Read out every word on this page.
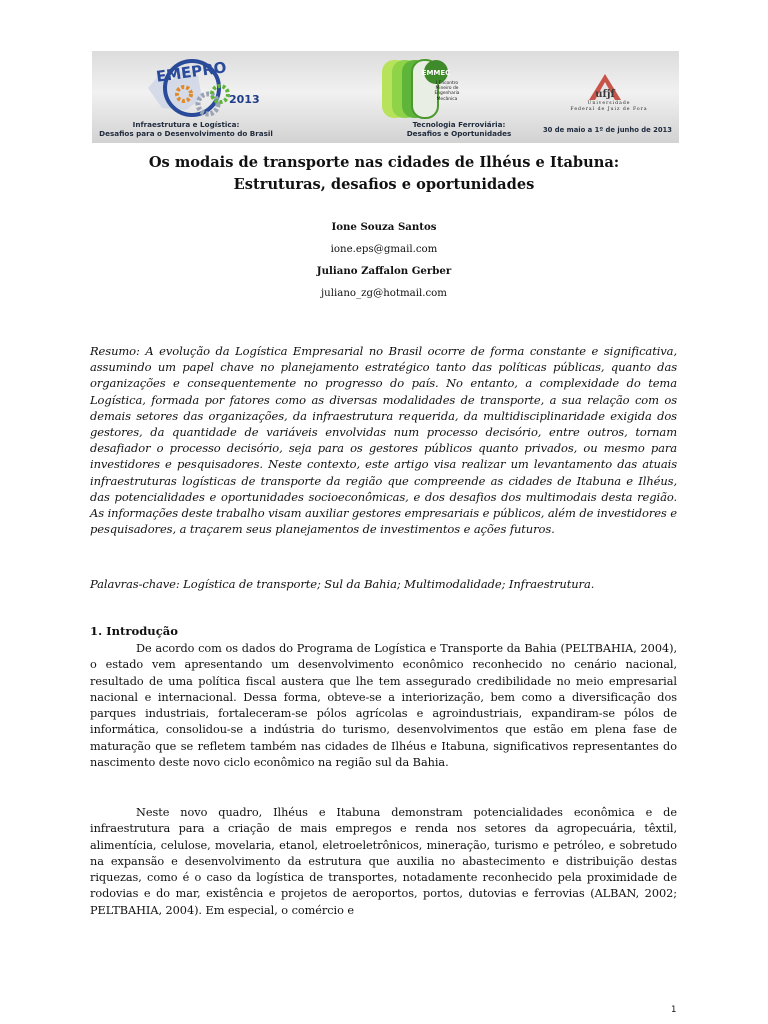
EMEPRO
2013
Infraestrutura e Logística:
Desafios para o Desenvolvimento do Brasil
EMMEC
I Encontro
Mineiro de
Engenharia
Mecânica
Tecnologia Ferroviária:
Desafios e Oportunidades
ufjf
Universidade
Federal de Juiz de Fora
30 de maio a 1º de junho de 2013
Os modais de transporte nas cidades de Ilhéus e Itabuna:
Estruturas, desafios e oportunidades
Ione Souza Santos
ione.eps@gmail.com
Juliano Zaffalon Gerber
juliano_zg@hotmail.com

Resumo: A evolução da Logística Empresarial no Brasil ocorre de forma constante e significativa, assumindo um papel chave no planejamento estratégico tanto das políticas públicas, quanto das organizações e consequentemente no progresso do país. No entanto, a complexidade do tema Logística, formada por fatores como as diversas modalidades de transporte, a sua relação com os demais setores das organizações, da infraestrutura requerida, da multidisciplinaridade exigida dos gestores, da quantidade de variáveis envolvidas num processo decisório, entre outros, tornam desafiador o processo decisório, seja para os gestores públicos quanto privados, ou mesmo para investidores e pesquisadores. Neste contexto, este artigo visa realizar um levantamento das atuais infraestruturas logísticas de transporte da região que compreende as cidades de Itabuna e Ilhéus, das potencialidades e oportunidades socioeconômicas, e dos desafios dos multimodais desta região. As informações deste trabalho visam auxiliar gestores empresariais e públicos, além de investidores e pesquisadores, a traçarem seus planejamentos de investimentos e ações futuros.

Palavras-chave: Logística de transporte; Sul da Bahia; Multimodalidade; Infraestrutura.

1. Introdução

De acordo com os dados do Programa de Logística e Transporte da Bahia (PELTBAHIA, 2004), o estado vem apresentando um desenvolvimento econômico reconhecido no cenário nacional, resultado de uma política fiscal austera que lhe tem assegurado credibilidade no meio empresarial nacional e internacional. Dessa forma, obteve-se a interiorização, bem como a diversificação dos parques industriais, fortaleceram-se pólos agrícolas e agroindustriais, expandiram-se pólos de informática, consolidou-se a indústria do turismo, desenvolvimentos que estão em plena fase de maturação que se refletem também nas cidades de Ilhéus e Itabuna, significativos representantes do nascimento deste novo ciclo econômico na região sul da Bahia.

Neste novo quadro, Ilhéus e Itabuna demonstram potencialidades econômica e de infraestrutura para a criação de mais empregos e renda nos setores da agropecuária, têxtil, alimentícia, celulose, movelaria, etanol, eletroeletrônicos, mineração, turismo e petróleo, e sobretudo na expansão e desenvolvimento da estrutura que auxilia no abastecimento e distribuição destas riquezas, como é o caso da logística de transportes, notadamente reconhecido pela proximidade de rodovias e do mar, existência e projetos de aeroportos, portos, dutovias e ferrovias (ALBAN, 2002; PELTBAHIA, 2004). Em especial, o comércio e

1
